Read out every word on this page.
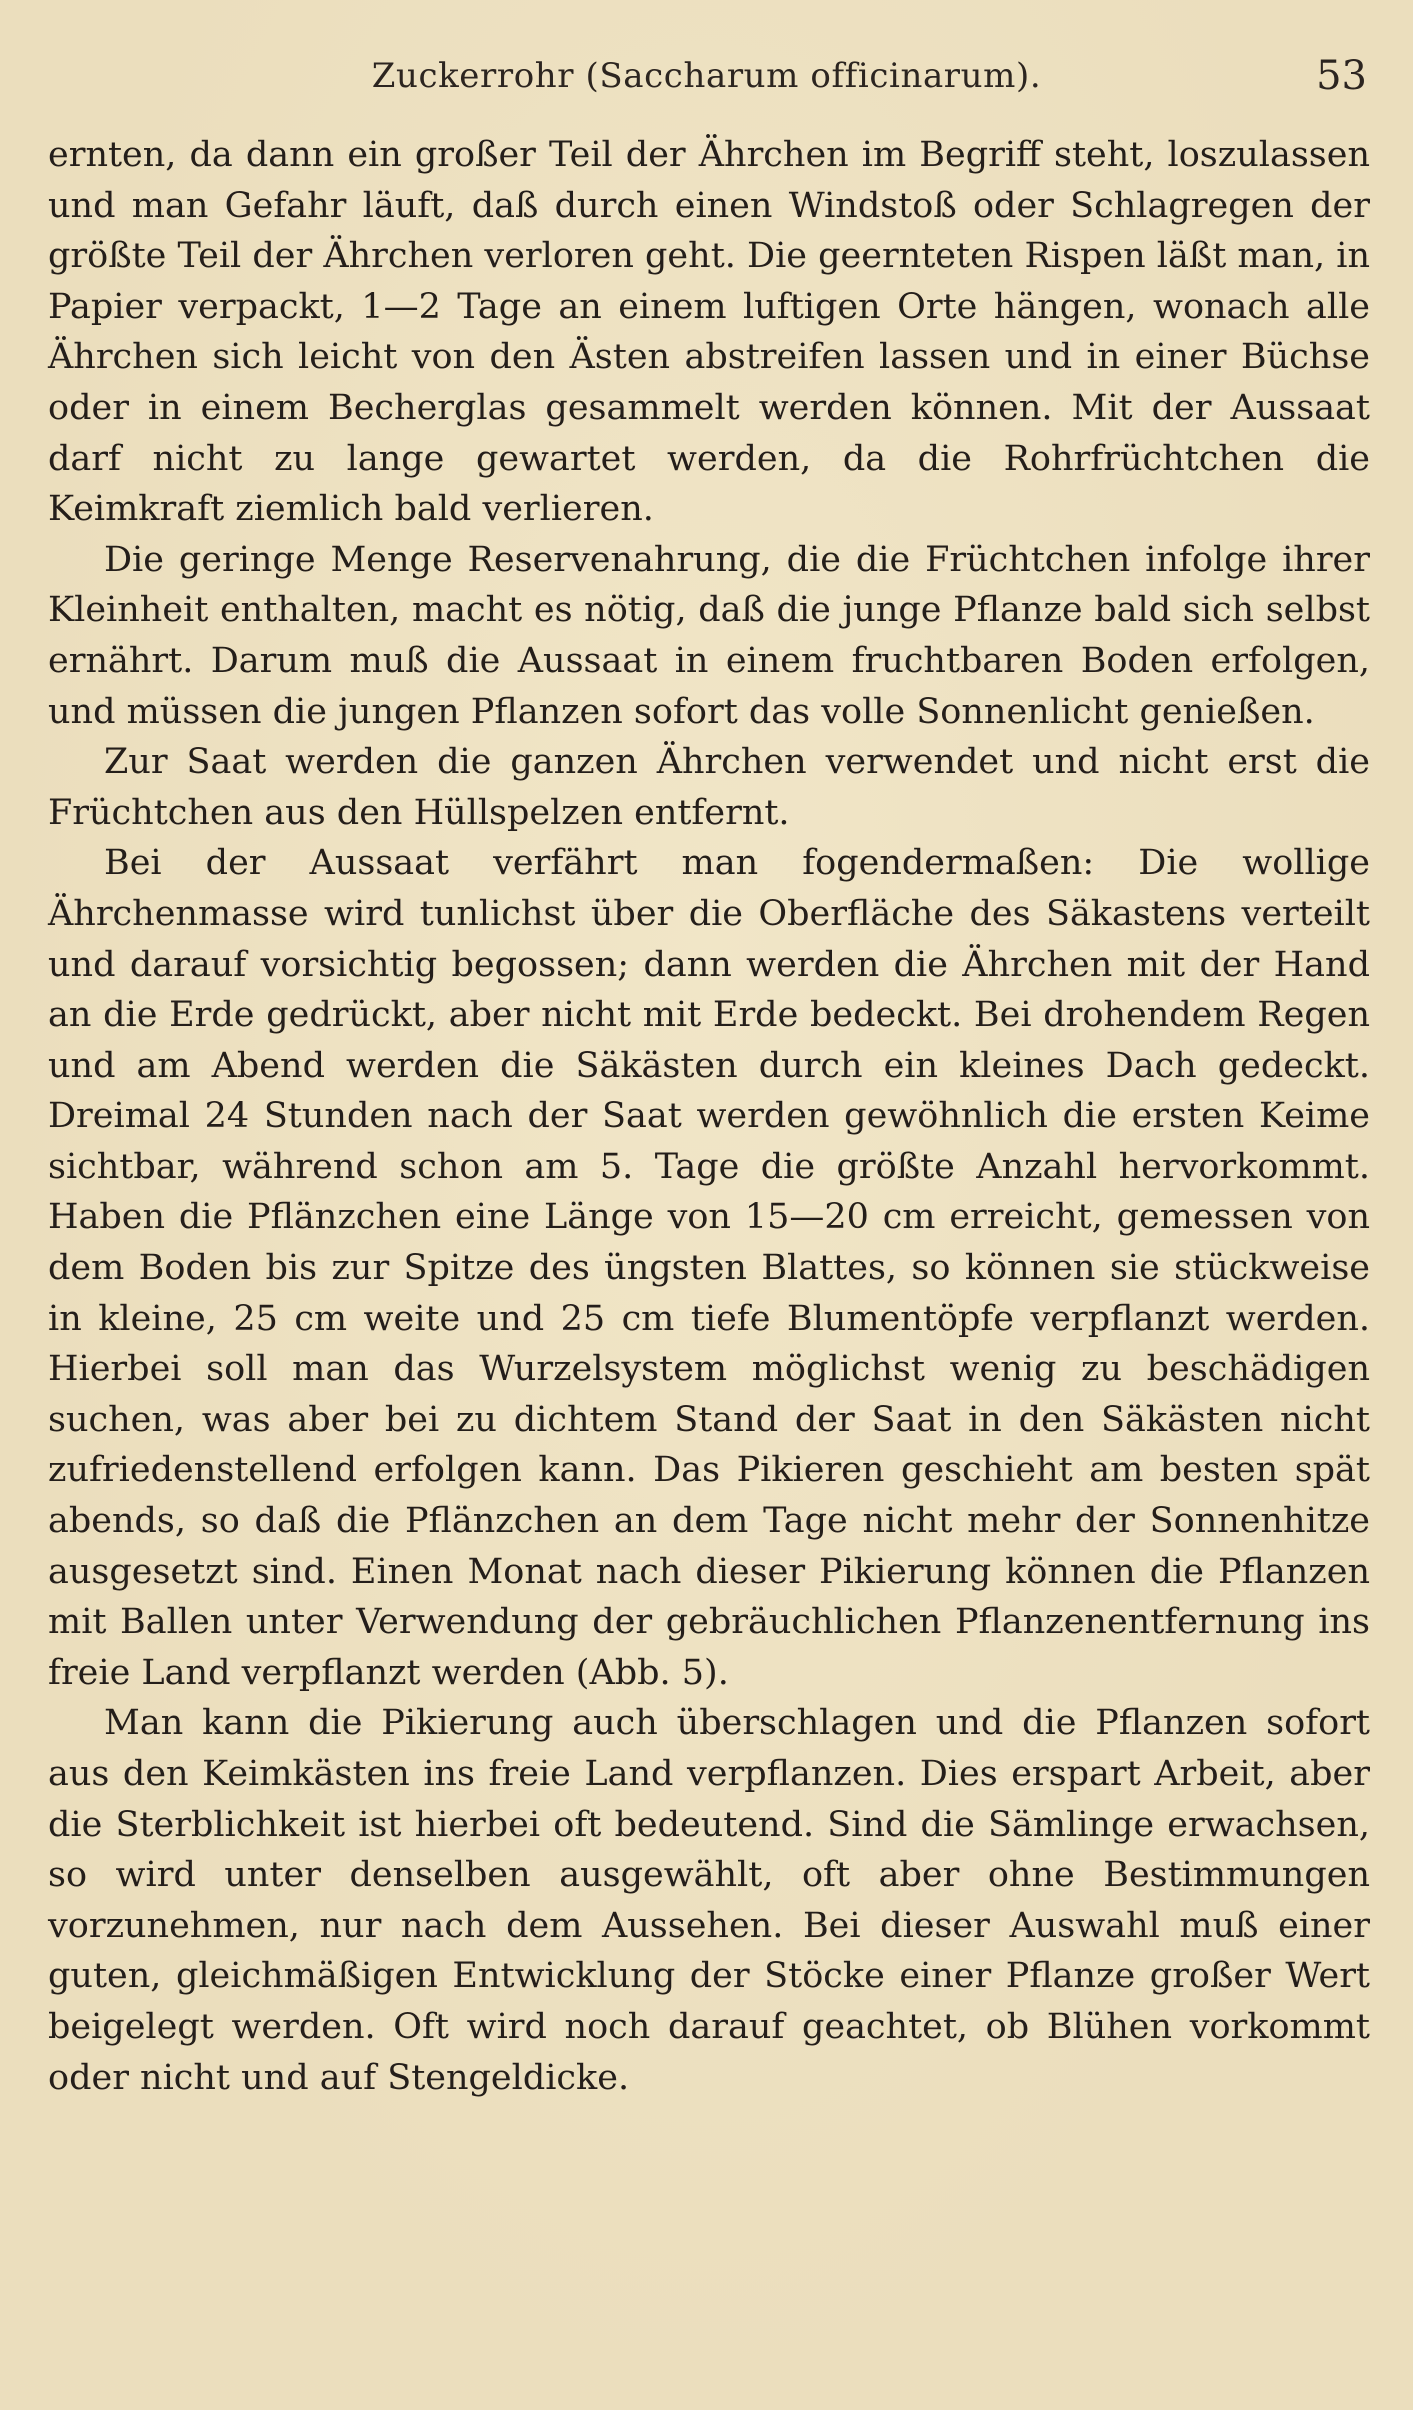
Zuckerrohr (Saccharum officinarum).	53

ernten, da dann ein großer Teil der Ährchen im Begriff steht, loszulassen und man Gefahr läuft, daß durch einen Windstoß oder Schlagregen der größte Teil der Ährchen verloren geht. Die geernteten Rispen läßt man, in Papier verpackt, 1—2 Tage an einem luftigen Orte hängen, wonach alle Ährchen sich leicht von den Ästen abstreifen lassen und in einer Büchse oder in einem Becherglas gesammelt werden können. Mit der Aussaat darf nicht zu lange gewartet werden, da die Rohrfrüchtchen die Keimkraft ziemlich bald verlieren.

Die geringe Menge Reservenahrung, die die Früchtchen infolge ihrer Kleinheit enthalten, macht es nötig, daß die junge Pflanze bald sich selbst ernährt. Darum muß die Aussaat in einem fruchtbaren Boden erfolgen, und müssen die jungen Pflanzen sofort das volle Sonnenlicht genießen.

Zur Saat werden die ganzen Ährchen verwendet und nicht erst die Früchtchen aus den Hüllspelzen entfernt.

Bei der Aussaat verfährt man fogendermaßen: Die wollige Ährchenmasse wird tunlichst über die Oberfläche des Säkastens verteilt und darauf vorsichtig begossen; dann werden die Ährchen mit der Hand an die Erde gedrückt, aber nicht mit Erde bedeckt. Bei drohendem Regen und am Abend werden die Säkästen durch ein kleines Dach gedeckt. Dreimal 24 Stunden nach der Saat werden gewöhnlich die ersten Keime sichtbar, während schon am 5. Tage die größte Anzahl hervorkommt. Haben die Pflänzchen eine Länge von 15—20 cm erreicht, gemessen von dem Boden bis zur Spitze des üngsten Blattes, so können sie stückweise in kleine, 25 cm weite und 25 cm tiefe Blumentöpfe verpflanzt werden. Hierbei soll man das Wurzelsystem möglichst wenig zu beschädigen suchen, was aber bei zu dichtem Stand der Saat in den Säkästen nicht zufriedenstellend erfolgen kann. Das Pikieren geschieht am besten spät abends, so daß die Pflänzchen an dem Tage nicht mehr der Sonnenhitze ausgesetzt sind. Einen Monat nach dieser Pikierung können die Pflanzen mit Ballen unter Verwendung der gebräuchlichen Pflanzenentfernung ins freie Land verpflanzt werden (Abb. 5).

Man kann die Pikierung auch überschlagen und die Pflanzen sofort aus den Keimkästen ins freie Land verpflanzen. Dies erspart Arbeit, aber die Sterblichkeit ist hierbei oft bedeutend. Sind die Sämlinge erwachsen, so wird unter denselben ausgewählt, oft aber ohne Bestimmungen vorzunehmen, nur nach dem Aussehen. Bei dieser Auswahl muß einer guten, gleichmäßigen Entwicklung der Stöcke einer Pflanze großer Wert beigelegt werden. Oft wird noch darauf geachtet, ob Blühen vorkommt oder nicht und auf Stengeldicke.
